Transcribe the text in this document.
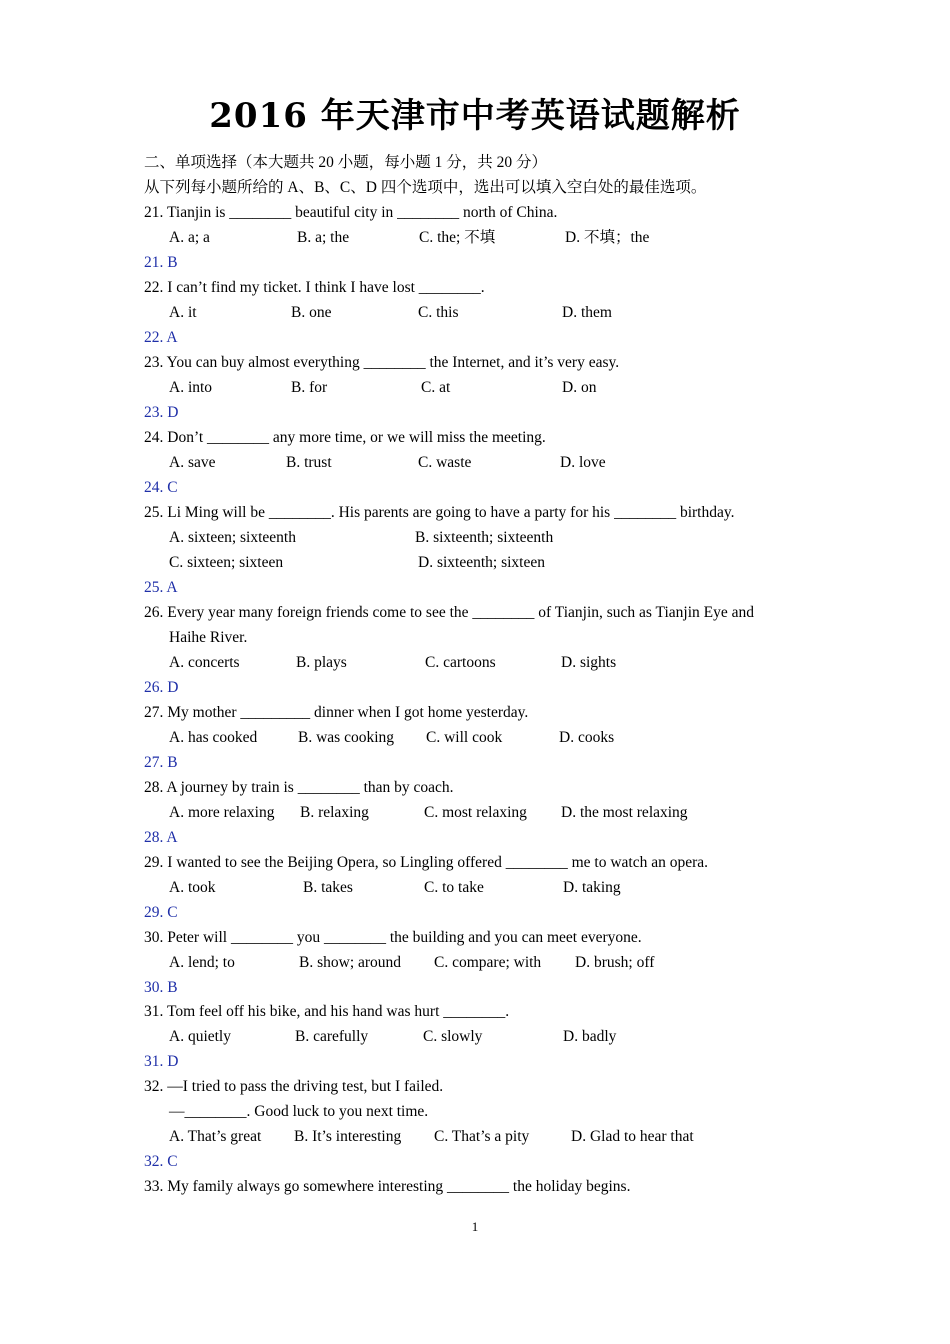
2016 年天津市中考英语试题解析
二、单项选择（本大题共 20 小题，每小题 1 分，共 20 分）
从下列每小题所给的 A、B、C、D 四个选项中，选出可以填入空白处的最佳选项。
21. Tianjin is ________ beautiful city in ________ north of China.
A. a; a	B. a; the	C. the; 不填	D. 不填；the
21. B
22. I can’t find my ticket. I think I have lost ________.
A. it	B. one	C. this	D. them
22. A
23. You can buy almost everything ________ the Internet, and it’s very easy.
A. into	B. for	C. at	D. on
23. D
24. Don’t ________ any more time, or we will miss the meeting.
A. save	B. trust	C. waste	D. love
24. C
25. Li Ming will be ________. His parents are going to have a party for his ________ birthday.
A. sixteen; sixteenth	B. sixteenth; sixteenth
C. sixteen; sixteen	D. sixteenth; sixteen
25. A
26. Every year many foreign friends come to see the ________ of Tianjin, such as Tianjin Eye and
Haihe River.
A. concerts	B. plays	C. cartoons	D. sights
26. D
27. My mother _________ dinner when I got home yesterday.
A. has cooked	B. was cooking C. will cook	D. cooks
27. B
28. A journey by train is ________ than by coach.
A. more relaxing B. relaxing	C. most relaxing D. the most relaxing
28. A
29. I wanted to see the Beijing Opera, so Lingling offered ________ me to watch an opera.
A. took	B. takes	C. to take	D. taking
29. C
30. Peter will ________ you ________ the building and you can meet everyone.
A. lend; to	B. show; around C. compare; with D. brush; off
30. B
31. Tom feel off his bike, and his hand was hurt ________.
A. quietly	B. carefully	C. slowly	D. badly
31. D
32. —I tried to pass the driving test, but I failed.
—________. Good luck to you next time.
A. That’s great B. It’s interesting C. That’s a pity	D. Glad to hear that
32. C
33. My family always go somewhere interesting ________ the holiday begins.
1
